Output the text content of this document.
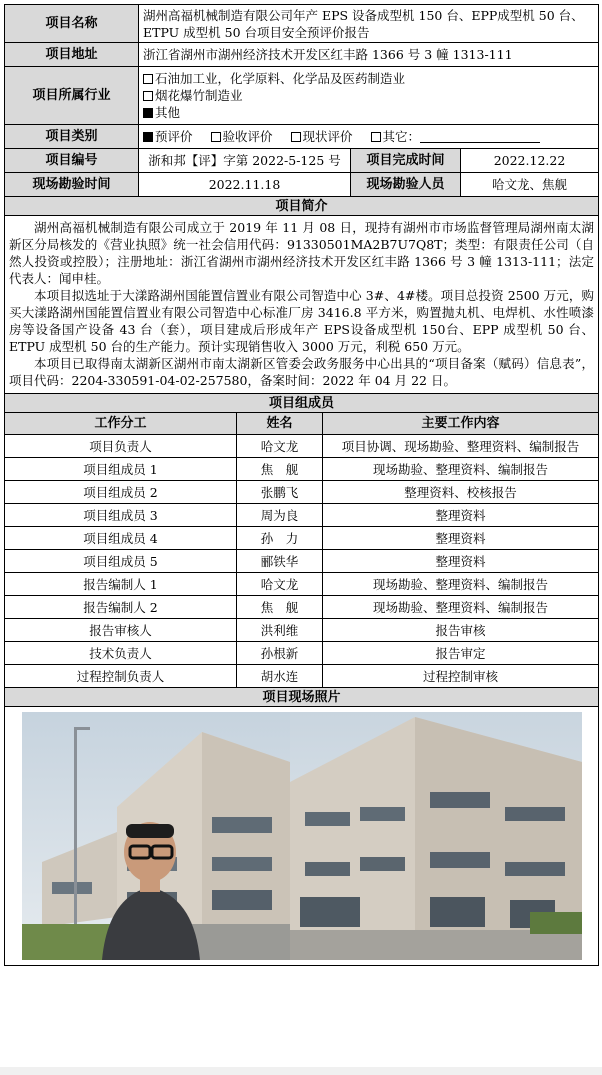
项目名称	湖州高福机械制造有限公司年产 EPS 设备成型机 150 台、EPP成型机 50 台、ETPU 成型机 50 台项目安全预评价报告		
项目地址	浙江省湖州市湖州经济技术开发区红丰路 1366 号 3 幢 1313-111		
项目所属行业	石油加工业，化学原料、化学品及医药制造业
烟花爆竹制造业
其他		

项目类别	预评价 验收评价 现状评价 其它：		
项目编号	浙和邦【评】字第 2022-5-125 号	项目完成时间	2022.12.22
现场勘验时间	2022.11.18	现场勘验人员	哈文龙、焦舰
项目简介			

湖州高福机械制造有限公司成立于 2019 年 11 月 08 日，现持有湖州市市场监督管理局湖州南太湖新区分局核发的《营业执照》统一社会信用代码：91330501MA2B7U7Q8T；类型：有限责任公司（自然人投资或控股）；注册地址：浙江省湖州市湖州经济技术开发区红丰路 1366 号 3 幢 1313-111；法定代表人：闻申桂。

本项目拟选址于大漾路湖州国能置信置业有限公司智造中心 3#、4#楼。项目总投资 2500 万元，购买大漾路湖州国能置信置业有限公司智造中心标准厂房 3416.8 平方米，购置抛丸机、电焊机、水性喷漆房等设备国产设备 43 台（套），项目建成后形成年产 EPS设备成型机 150台、EPP 成型机 50 台、ETPU 成型机 50 台的生产能力。预计实现销售收入 3000 万元，利税 650 万元。

本项目已取得南太湖新区湖州市南太湖新区管委会政务服务中心出具的“项目备案（赋码）信息表”，项目代码：2204-330591-04-02-257580，备案时间：2022 年 04 月 22 日。			

项目组成员		
工作分工	姓名	主要工作内容
项目负责人	哈文龙	项目协调、现场勘验、整理资料、编制报告
项目组成员 1	焦　舰	现场勘验、整理资料、编制报告
项目组成员 2	张鹏飞	整理资料、校核报告
项目组成员 3	周为良	整理资料
项目组成员 4	孙　力	整理资料
项目组成员 5	郦铁华	整理资料
报告编制人 1	哈文龙	现场勘验、整理资料、编制报告
报告编制人 2	焦　舰	现场勘验、整理资料、编制报告
报告审核人	洪利维	报告审核
技术负责人	孙根新	报告审定
过程控制负责人	胡水连	过程控制审核
项目现场照片		
